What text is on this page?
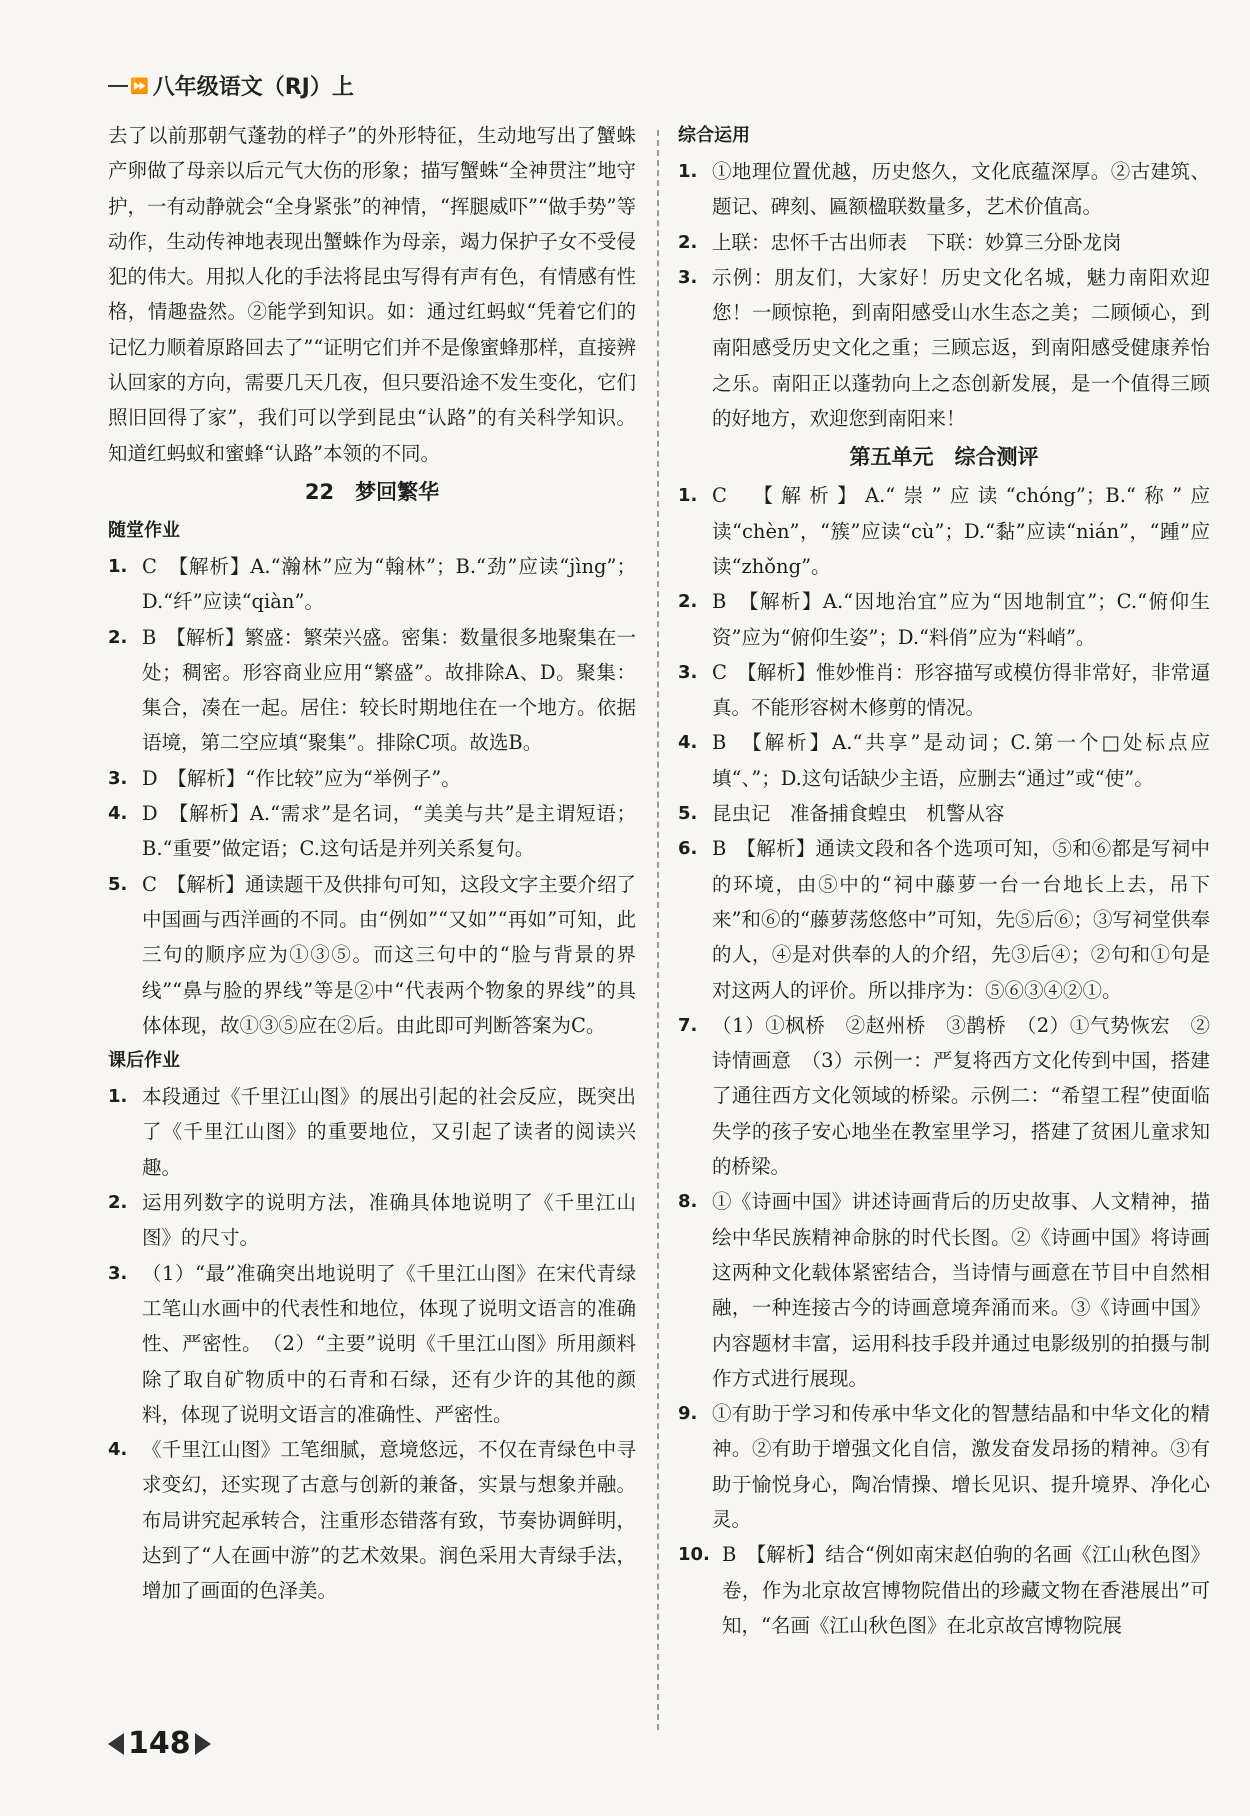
⏩ 八年级语文（RJ）上

去了以前那朝气蓬勃的样子”的外形特征，生动地写出了蟹蛛产卵做了母亲以后元气大伤的形象；描写蟹蛛“全神贯注”地守护，一有动静就会“全身紧张”的神情，“挥腿威吓”“做手势”等动作，生动传神地表现出蟹蛛作为母亲，竭力保护子女不受侵犯的伟大。用拟人化的手法将昆虫写得有声有色，有情感有性格，情趣盎然。②能学到知识。如：通过红蚂蚁“凭着它们的记忆力顺着原路回去了”“证明它们并不是像蜜蜂那样，直接辨认回家的方向，需要几天几夜，但只要沿途不发生变化，它们照旧回得了家”，我们可以学到昆虫“认路”的有关科学知识。知道红蚂蚁和蜜蜂“认路”本领的不同。

22　梦回繁华
随堂作业
1. C　【解析】A.“瀚林”应为“翰林”；B.“劲”应读“jìng”；D.“纤”应读“qiàn”。
2. B　【解析】繁盛：繁荣兴盛。密集：数量很多地聚集在一处；稠密。形容商业应用“繁盛”。故排除A、D。聚集：集合，凑在一起。居住：较长时期地住在一个地方。依据语境，第二空应填“聚集”。排除C项。故选B。
3. D　【解析】“作比较”应为“举例子”。
4. D　【解析】A.“需求”是名词，“美美与共”是主谓短语；B.“重要”做定语；C.这句话是并列关系复句。
5. C　【解析】通读题干及供排句可知，这段文字主要介绍了中国画与西洋画的不同。由“例如”“又如”“再如”可知，此三句的顺序应为①③⑤。而这三句中的“脸与背景的界线”“鼻与脸的界线”等是②中“代表两个物象的界线”的具体体现，故①③⑤应在②后。由此即可判断答案为C。
课后作业
1. 本段通过《千里江山图》的展出引起的社会反应，既突出了《千里江山图》的重要地位，又引起了读者的阅读兴趣。
2. 运用列数字的说明方法，准确具体地说明了《千里江山图》的尺寸。
3. （1）“最”准确突出地说明了《千里江山图》在宋代青绿工笔山水画中的代表性和地位，体现了说明文语言的准确性、严密性。　（2）“主要”说明《千里江山图》所用颜料除了取自矿物质中的石青和石绿，还有少许的其他的颜料，体现了说明文语言的准确性、严密性。
4. 《千里江山图》工笔细腻，意境悠远，不仅在青绿色中寻求变幻，还实现了古意与创新的兼备，实景与想象并融。布局讲究起承转合，注重形态错落有致，节奏协调鲜明，达到了“人在画中游”的艺术效果。润色采用大青绿手法，增加了画面的色泽美。
综合运用
1. ①地理位置优越，历史悠久，文化底蕴深厚。②古建筑、题记、碑刻、匾额楹联数量多，艺术价值高。
2. 上联：忠怀千古出师表　下联：妙算三分卧龙岗
3. 示例：朋友们，大家好！历史文化名城，魅力南阳欢迎您！一顾惊艳，到南阳感受山水生态之美；二顾倾心，到南阳感受历史文化之重；三顾忘返，到南阳感受健康养怡之乐。南阳正以蓬勃向上之态创新发展，是一个值得三顾的好地方，欢迎您到南阳来！
第五单元　综合测评
1. C　【解析】A.“崇”应读“chóng”；B.“称”应读“chèn”，“簇”应读“cù”；D.“黏”应读“nián”，“踵”应读“zhǒng”。
2. B　【解析】A.“因地治宜”应为“因地制宜”；C.“俯仰生资”应为“俯仰生姿”；D.“料俏”应为“料峭”。
3. C　【解析】惟妙惟肖：形容描写或模仿得非常好，非常逼真。不能形容树木修剪的情况。
4. B　【解析】A.“共享”是动词；C.第一个□处标点应填“、”；D.这句话缺少主语，应删去“通过”或“使”。
5. 昆虫记　准备捕食蝗虫　机警从容
6. B　【解析】通读文段和各个选项可知，⑤和⑥都是写祠中的环境，由⑤中的“祠中藤萝一台一台地长上去，吊下来”和⑥的“藤萝荡悠悠中”可知，先⑤后⑥；③写祠堂供奉的人，④是对供奉的人的介绍，先③后④；②句和①句是对这两人的评价。所以排序为：⑤⑥③④②①。
7. （1）①枫桥　②赵州桥　③鹊桥　（2）①气势恢宏　②诗情画意　（3）示例一：严复将西方文化传到中国，搭建了通往西方文化领域的桥梁。示例二：“希望工程”使面临失学的孩子安心地坐在教室里学习，搭建了贫困儿童求知的桥梁。
8. ①《诗画中国》讲述诗画背后的历史故事、人文精神，描绘中华民族精神命脉的时代长图。②《诗画中国》将诗画这两种文化载体紧密结合，当诗情与画意在节目中自然相融，一种连接古今的诗画意境奔涌而来。③《诗画中国》内容题材丰富，运用科技手段并通过电影级别的拍摄与制作方式进行展现。
9. ①有助于学习和传承中华文化的智慧结晶和中华文化的精神。②有助于增强文化自信，激发奋发昂扬的精神。③有助于愉悦身心，陶冶情操、增长见识、提升境界、净化心灵。
10. B　【解析】结合“例如南宋赵伯驹的名画《江山秋色图》卷，作为北京故宫博物院借出的珍藏文物在香港展出”可知，“名画《江山秋色图》在北京故宫博物院展
148
